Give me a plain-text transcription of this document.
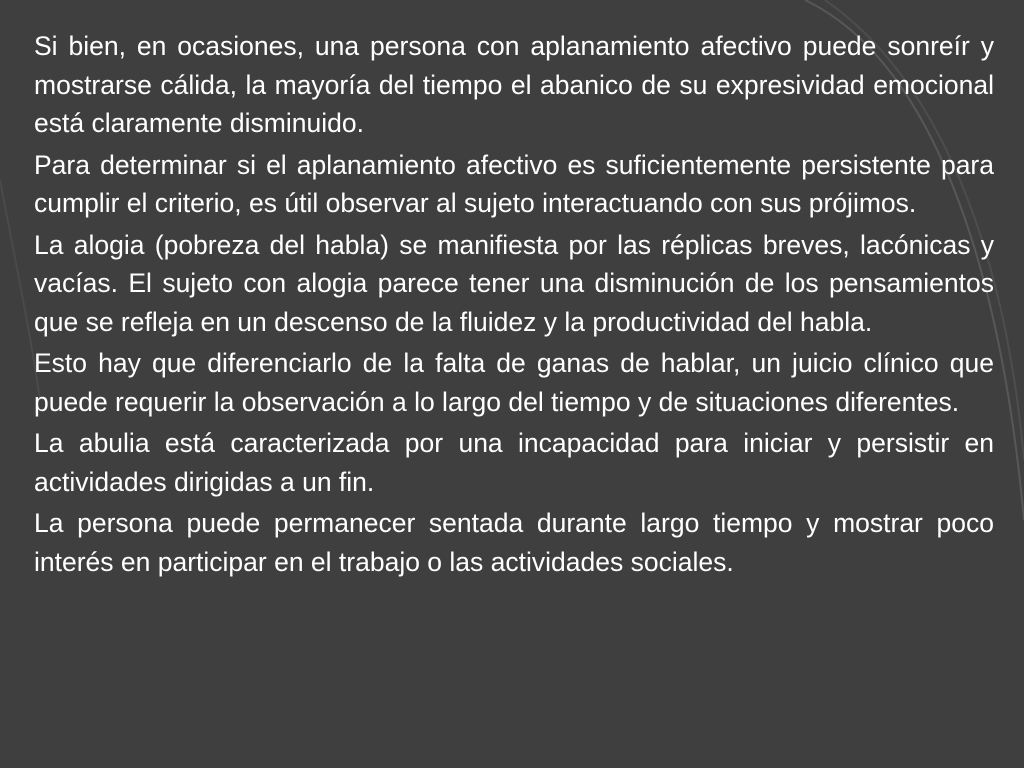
Si bien, en ocasiones, una persona con aplanamiento afectivo puede sonreír y mostrarse cálida, la mayoría del tiempo el abanico de su expresividad emocional está claramente disminuido.
Para determinar si el aplanamiento afectivo es suficientemente persistente para cumplir el criterio, es útil observar al sujeto interactuando con sus prójimos.
La alogia (pobreza del habla) se manifiesta por las réplicas breves, lacónicas y vacías. El sujeto con alogia parece tener una disminución de los pensamientos que se refleja en un descenso de la fluidez y la productividad del habla.
Esto hay que diferenciarlo de la falta de ganas de hablar, un juicio clínico que puede requerir la observación a lo largo del tiempo y de situaciones diferentes.
La abulia está caracterizada por una incapacidad para iniciar y persistir en actividades dirigidas a un fin.
La persona puede permanecer sentada durante largo tiempo y mostrar poco interés en participar en el trabajo o las actividades sociales.
